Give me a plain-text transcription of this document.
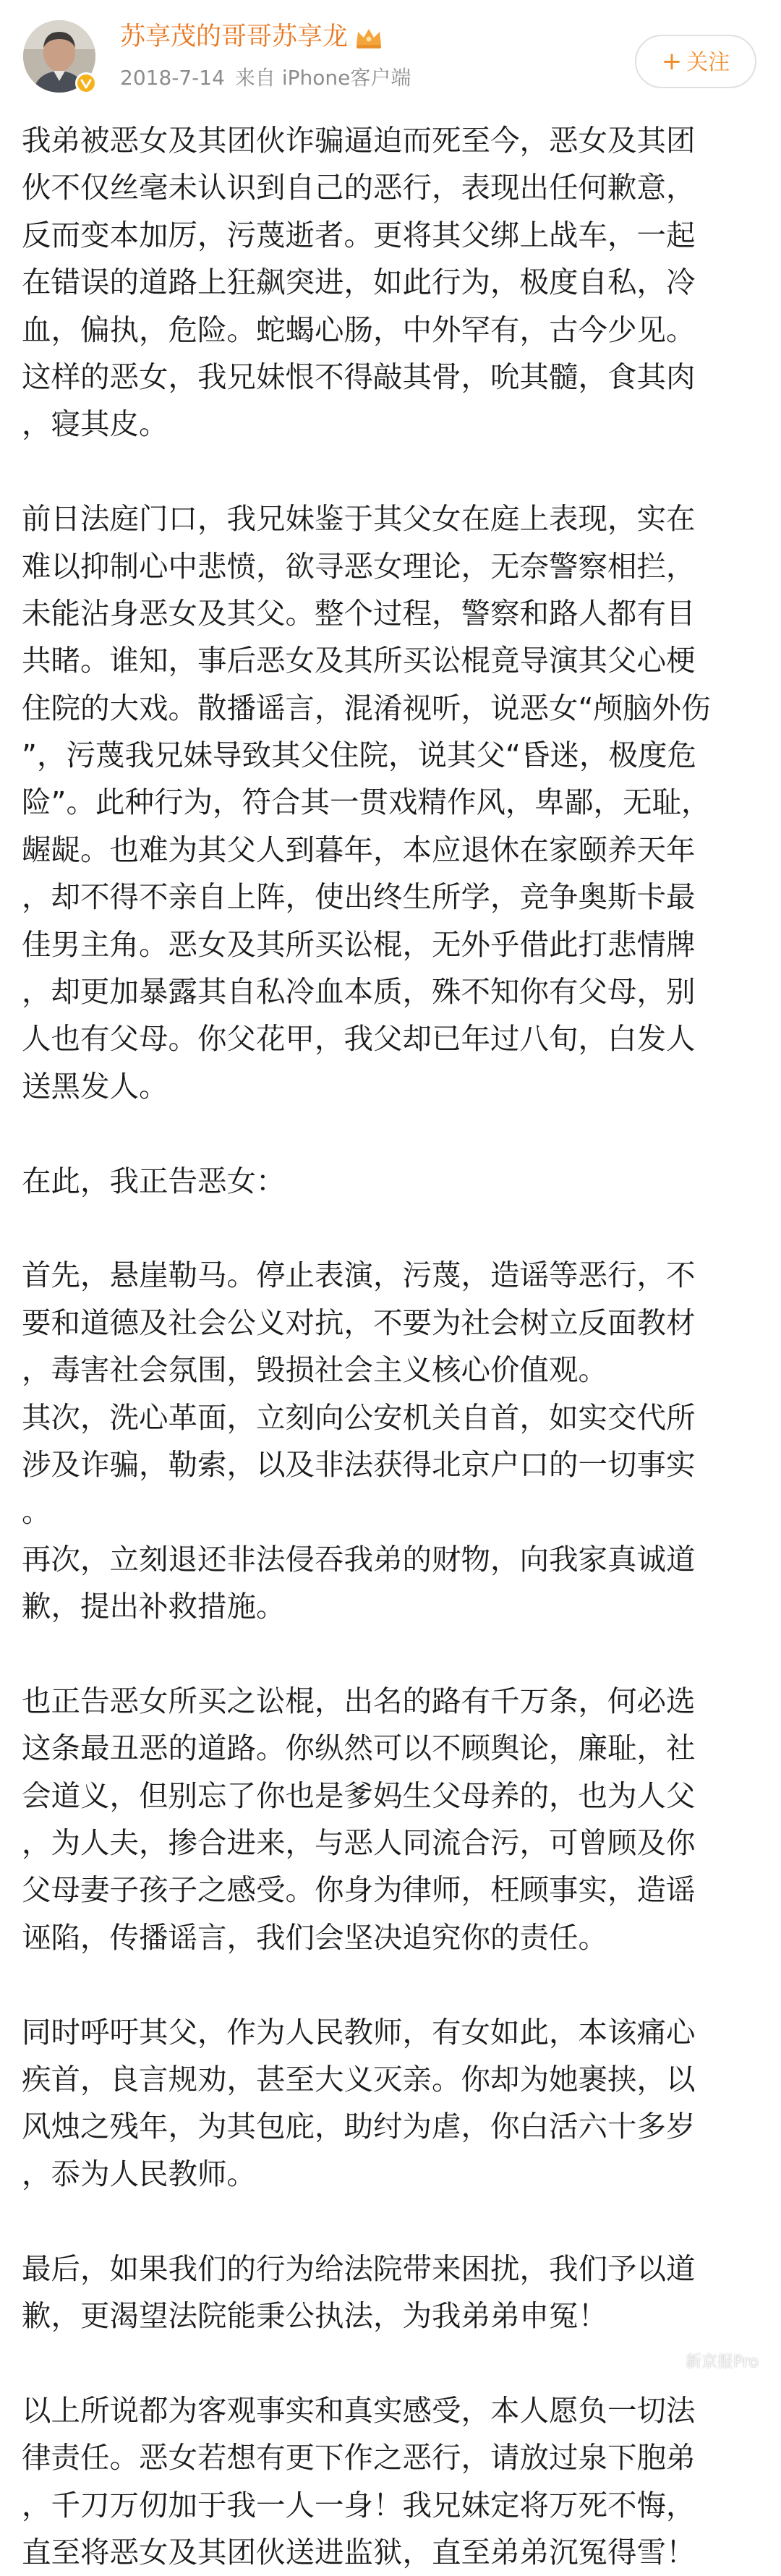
苏享茂的哥哥苏享龙
2018-7-14 来自 iPhone客户端
+ 关注
我弟被恶女及其团伙诈骗逼迫而死至今，恶女及其团
伙不仅丝毫未认识到自己的恶行，表现出任何歉意，
反而变本加厉，污蔑逝者。更将其父绑上战车，一起
在错误的道路上狂飙突进，如此行为，极度自私，冷
血，偏执，危险。蛇蝎心肠，中外罕有，古今少见。
这样的恶女，我兄妹恨不得敲其骨，吮其髓，食其肉
，寝其皮。
前日法庭门口，我兄妹鉴于其父女在庭上表现，实在
难以抑制心中悲愤，欲寻恶女理论，无奈警察相拦，
未能沾身恶女及其父。整个过程，警察和路人都有目
共睹。谁知，事后恶女及其所买讼棍竟导演其父心梗
住院的大戏。散播谣言，混淆视听，说恶女“颅脑外伤
”，污蔑我兄妹导致其父住院，说其父“昏迷，极度危
险”。此种行为，符合其一贯戏精作风，卑鄙，无耻，
龌龊。也难为其父人到暮年，本应退休在家颐养天年
，却不得不亲自上阵，使出终生所学，竞争奥斯卡最
佳男主角。恶女及其所买讼棍，无外乎借此打悲情牌
，却更加暴露其自私冷血本质，殊不知你有父母，别
人也有父母。你父花甲，我父却已年过八旬，白发人
送黑发人。
在此，我正告恶女：
首先，悬崖勒马。停止表演，污蔑，造谣等恶行，不
要和道德及社会公义对抗，不要为社会树立反面教材
，毒害社会氛围，毁损社会主义核心价值观。
其次，洗心革面，立刻向公安机关自首，如实交代所
涉及诈骗，勒索，以及非法获得北京户口的一切事实
。
再次，立刻退还非法侵吞我弟的财物，向我家真诚道
歉，提出补救措施。
也正告恶女所买之讼棍，出名的路有千万条，何必选
这条最丑恶的道路。你纵然可以不顾舆论，廉耻，社
会道义，但别忘了你也是爹妈生父母养的，也为人父
，为人夫，掺合进来，与恶人同流合污，可曾顾及你
父母妻子孩子之感受。你身为律师，枉顾事实，造谣
诬陷，传播谣言，我们会坚决追究你的责任。
同时呼吁其父，作为人民教师，有女如此，本该痛心
疾首，良言规劝，甚至大义灭亲。你却为她裹挟，以
风烛之残年，为其包庇，助纣为虐，你白活六十多岁
，忝为人民教师。
最后，如果我们的行为给法院带来困扰，我们予以道
歉，更渴望法院能秉公执法，为我弟弟申冤！
以上所说都为客观事实和真实感受，本人愿负一切法
律责任。恶女若想有更下作之恶行，请放过泉下胞弟
，千刀万仞加于我一人一身！我兄妹定将万死不悔，
直至将恶女及其团伙送进监狱，直至弟弟沉冤得雪！
新京报Pro
